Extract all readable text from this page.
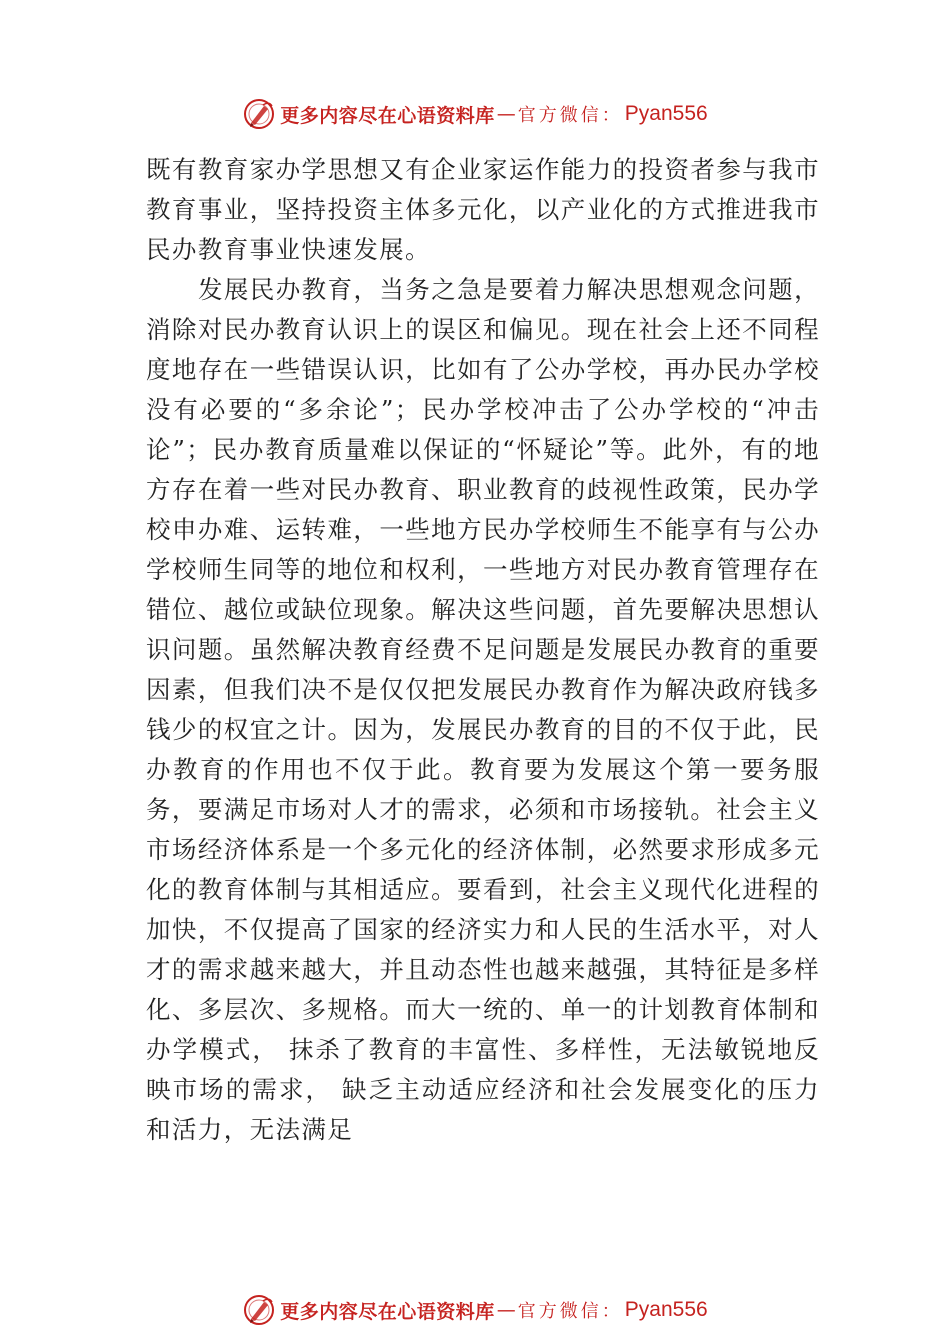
更多内容尽在心语资料库 — 官方微信： Pyan556

既有教育家办学思想又有企业家运作能力的投资者参与我市教育事业，坚持投资主体多元化，以产业化的方式推进我市民办教育事业快速发展。

发展民办教育，当务之急是要着力解决思想观念问题，消除对民办教育认识上的误区和偏见。现在社会上还不同程度地存在一些错误认识，比如有了公办学校，再办民办学校没有必要的“多余论”；民办学校冲击了公办学校的“冲击论”；民办教育质量难以保证的“怀疑论”等。此外，有的地方存在着一些对民办教育、职业教育的歧视性政策，民办学校申办难、运转难，一些地方民办学校师生不能享有与公办学校师生同等的地位和权利，一些地方对民办教育管理存在错位、越位或缺位现象。解决这些问题，首先要解决思想认识问题。虽然解决教育经费不足问题是发展民办教育的重要因素，但我们决不是仅仅把发展民办教育作为解决政府钱多钱少的权宜之计。因为，发展民办教育的目的不仅于此，民办教育的作用也不仅于此。教育要为发展这个第一要务服务，要满足市场对人才的需求，必须和市场接轨。社会主义市场经济体系是一个多元化的经济体制，必然要求形成多元化的教育体制与其相适应。要看到，社会主义现代化进程的加快，不仅提高了国家的经济实力和人民的生活水平，对人才的需求越来越大，并且动态性也越来越强，其特征是多样化、多层次、多规格。而大一统的、单一的计划教育体制和办学模式， 抹杀了教育的丰富性、多样性，无法敏锐地反映市场的需求， 缺乏主动适应经济和社会发展变化的压力和活力，无法满足

更多内容尽在心语资料库 — 官方微信： Pyan556
